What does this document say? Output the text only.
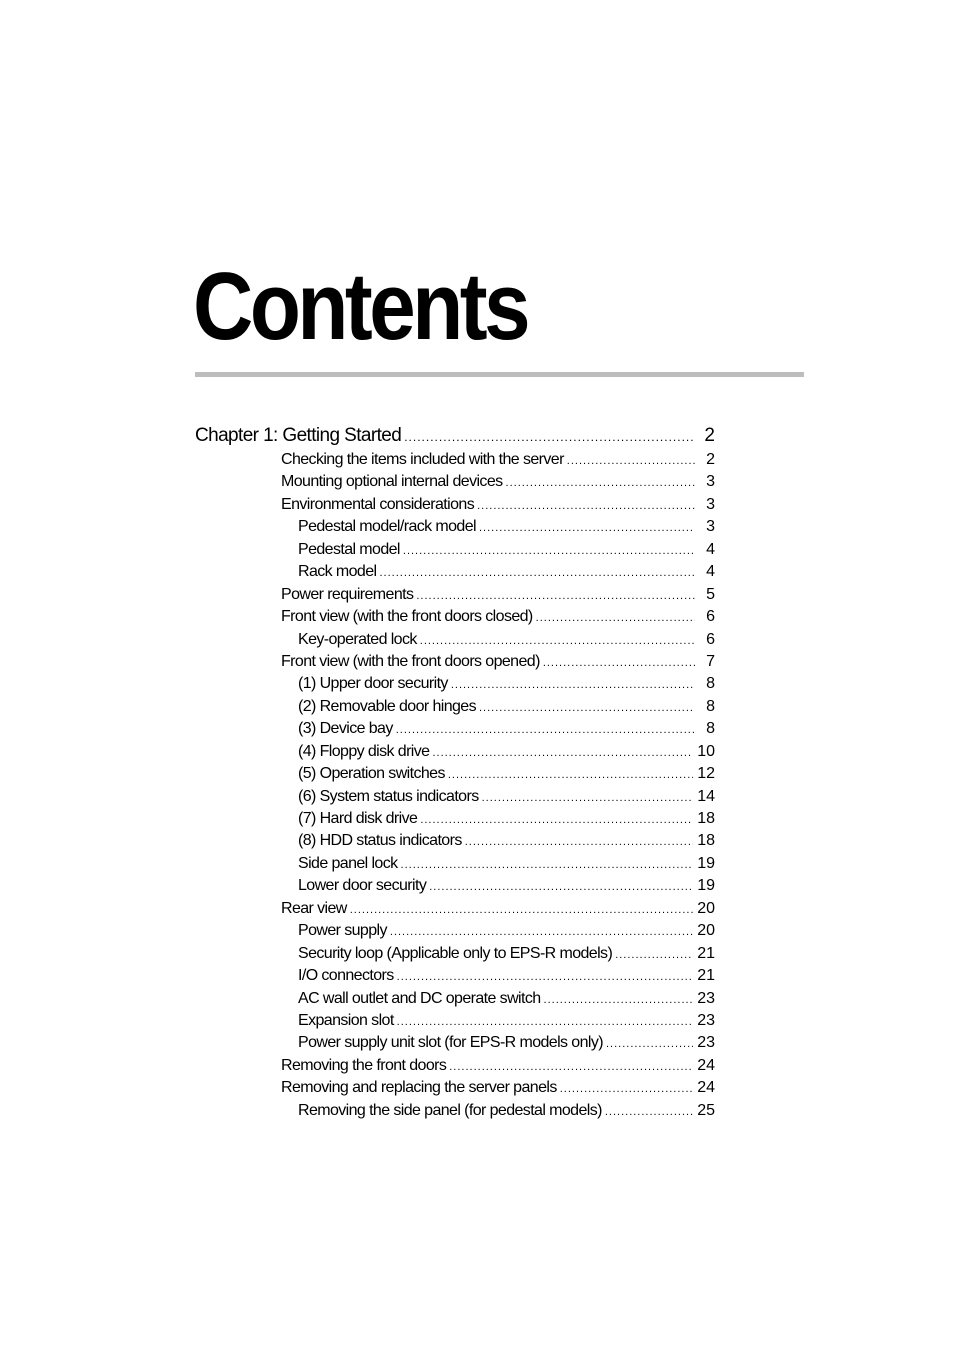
Contents
Chapter 1: Getting Started .....	2
Checking the items included with the server .....	2
Mounting optional internal devices .....	3
Environmental considerations .....	3
Pedestal model/rack model .....	3
Pedestal model .....	4
Rack model .....	4
Power requirements .....	5
Front view (with the front doors closed) .....	6
Key-operated lock .....	6
Front view (with the front doors opened) .....	7
(1) Upper door security .....	8
(2) Removable door hinges .....	8
(3) Device bay .....	8
(4) Floppy disk drive .....	10
(5) Operation switches .....	12
(6) System status indicators .....	14
(7) Hard disk drive .....	18
(8) HDD status indicators .....	18
Side panel lock .....	19
Lower door security .....	19
Rear view .....	20
Power supply .....	20
Security loop (Applicable only to EPS-R models) .....	21
I/O connectors .....	21
AC wall outlet and DC operate switch .....	23
Expansion slot .....	23
Power supply unit slot (for EPS-R models only) .....	23
Removing the front doors .....	24
Removing and replacing the server panels .....	24
Removing the side panel (for pedestal models) .....	25
